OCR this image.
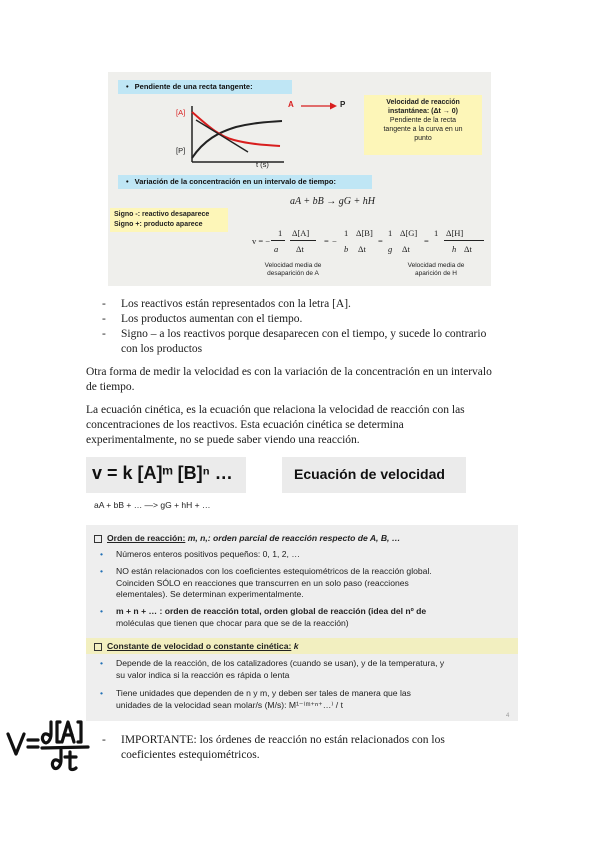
• Pendiente de una recta tangente:
[A]
[P]
t (s)
A → P	Velocidad de reacción
instantánea: (Δt → 0)
Pendiente de la recta
tangente a la curva en un
punto
• Variación de la concentración en un intervalo de tiempo:
aA + bB → gG + hH
Signo -: reactivo desaparece
Signo +: producto aparece
v = −
1
a
Δ[A]
Δt
= −
1
b
Δ[B]
Δt
=
1
g
Δ[G]
Δt
=
1 Δ[H]
h Δt
Velocidad media de
desaparición de A
Velocidad media de
aparición de H
- Los reactivos están representados con la letra [A].
- Los productos aumentan con el tiempo.
- Signo – a los reactivos porque desaparecen con el tiempo, y sucede lo contrario
con los productos
Otra forma de medir la velocidad es con la variación de la concentración en un intervalo
de tiempo.
La ecuación cinética, es la ecuación que relaciona la velocidad de reacción con las
concentraciones de los reactivos. Esta ecuación cinética se determina
experimentalmente, no se puede saber viendo una reacción.
v = k [A]ᵐ [B]ⁿ …	Ecuación de velocidad
aA + bB + … —> gG + hH + …
Orden de reacción: m, n,: orden parcial de reacción respecto de A, B, …
• Números enteros positivos pequeños: 0, 1, 2, …
• NO están relacionados con los coeficientes estequiométricos de la reacción global.
Coinciden SÓLO en reacciones que transcurren en un solo paso (reacciones
elementales). Se determinan experimentalmente.
• m + n + … : orden de reacción total, orden global de reacción (idea del nº de
moléculas que tienen que chocar para que se de la reacción)
Constante de velocidad o constante cinética: k
• Depende de la reacción, de los catalizadores (cuando se usan), y de la temperatura, y
su valor indica si la reacción es rápida o lenta
• Tiene unidades que dependen de n y m, y deben ser tales de manera que las
unidades de la velocidad sean molar/s (M/s): M¹⁻⁽ᵐ⁺ⁿ⁺…⁾ / t
4
- IMPORTANTE: los órdenes de reacción no están relacionados con los
coeficientes estequiométricos.
